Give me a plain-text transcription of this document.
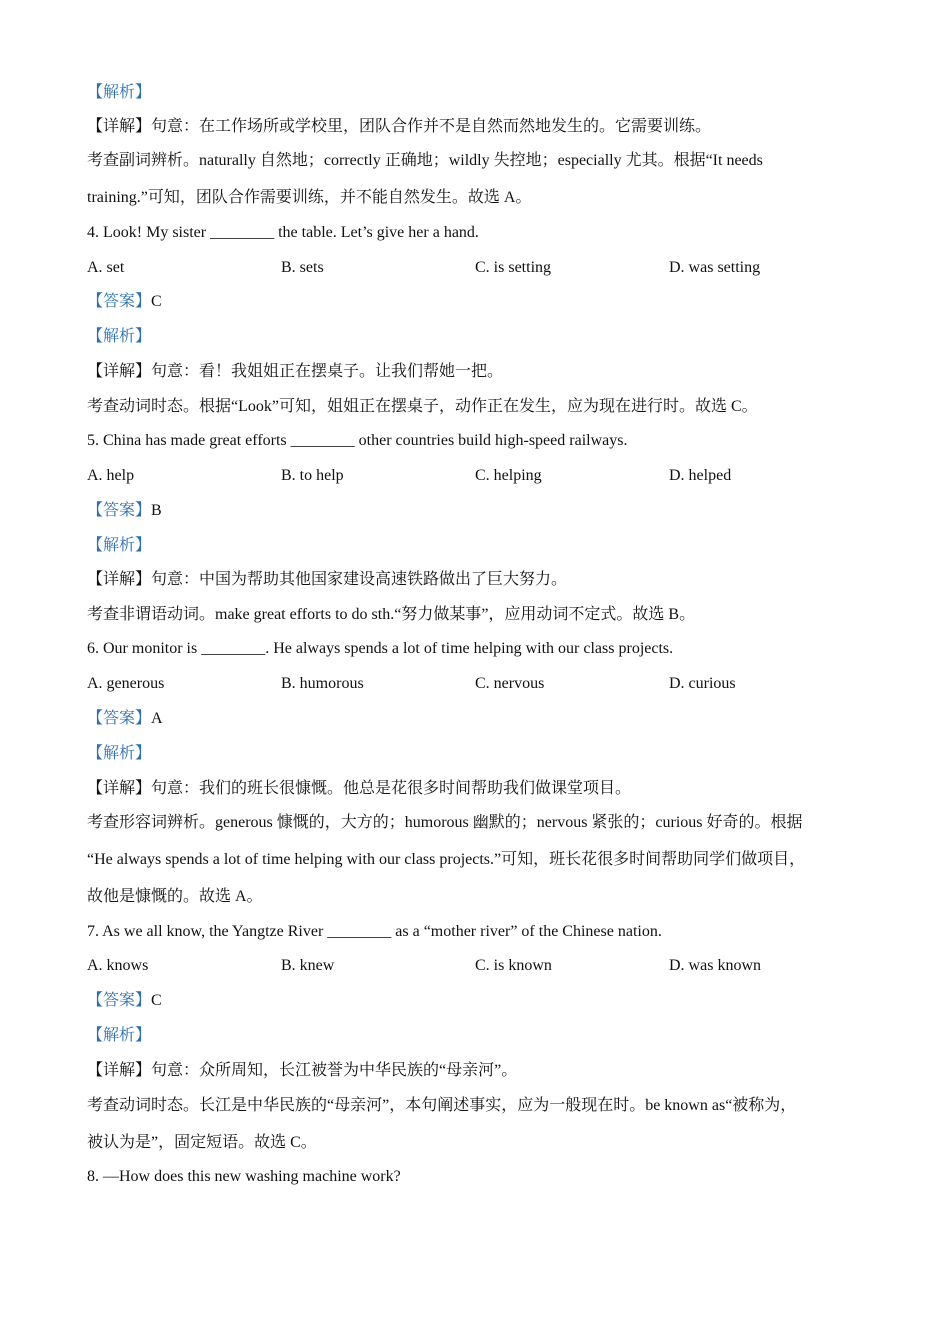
【解析】
【详解】句意：在工作场所或学校里，团队合作并不是自然而然地发生的。它需要训练。
考查副词辨析。naturally 自然地；correctly 正确地；wildly 失控地；especially 尤其。根据“It needs
training.”可知，团队合作需要训练，并不能自然发生。故选 A。
4. Look! My sister ________ the table. Let’s give her a hand.
A. set	B. sets	C. is setting	D. was setting
【答案】C
【解析】
【详解】句意：看！我姐姐正在摆桌子。让我们帮她一把。
考查动词时态。根据“Look”可知，姐姐正在摆桌子，动作正在发生，应为现在进行时。故选 C。
5. China has made great efforts ________ other countries build high-speed railways.
A. help	B. to help	C. helping	D. helped
【答案】B
【解析】
【详解】句意：中国为帮助其他国家建设高速铁路做出了巨大努力。
考查非谓语动词。make great efforts to do sth.“努力做某事”，应用动词不定式。故选 B。
6. Our monitor is ________. He always spends a lot of time helping with our class projects.
A. generous	B. humorous	C. nervous	D. curious
【答案】A
【解析】
【详解】句意：我们的班长很慷慨。他总是花很多时间帮助我们做课堂项目。
考查形容词辨析。generous 慷慨的，大方的；humorous 幽默的；nervous 紧张的；curious 好奇的。根据
“He always spends a lot of time helping with our class projects.”可知，班长花很多时间帮助同学们做项目，
故他是慷慨的。故选 A。
7. As we all know, the Yangtze River ________ as a “mother river” of the Chinese nation.
A. knows	B. knew	C. is known	D. was known
【答案】C
【解析】
【详解】句意：众所周知，长江被誉为中华民族的“母亲河”。
考查动词时态。长江是中华民族的“母亲河”，本句阐述事实，应为一般现在时。be known as“被称为，
被认为是”，固定短语。故选 C。
8. —How does this new washing machine work?
